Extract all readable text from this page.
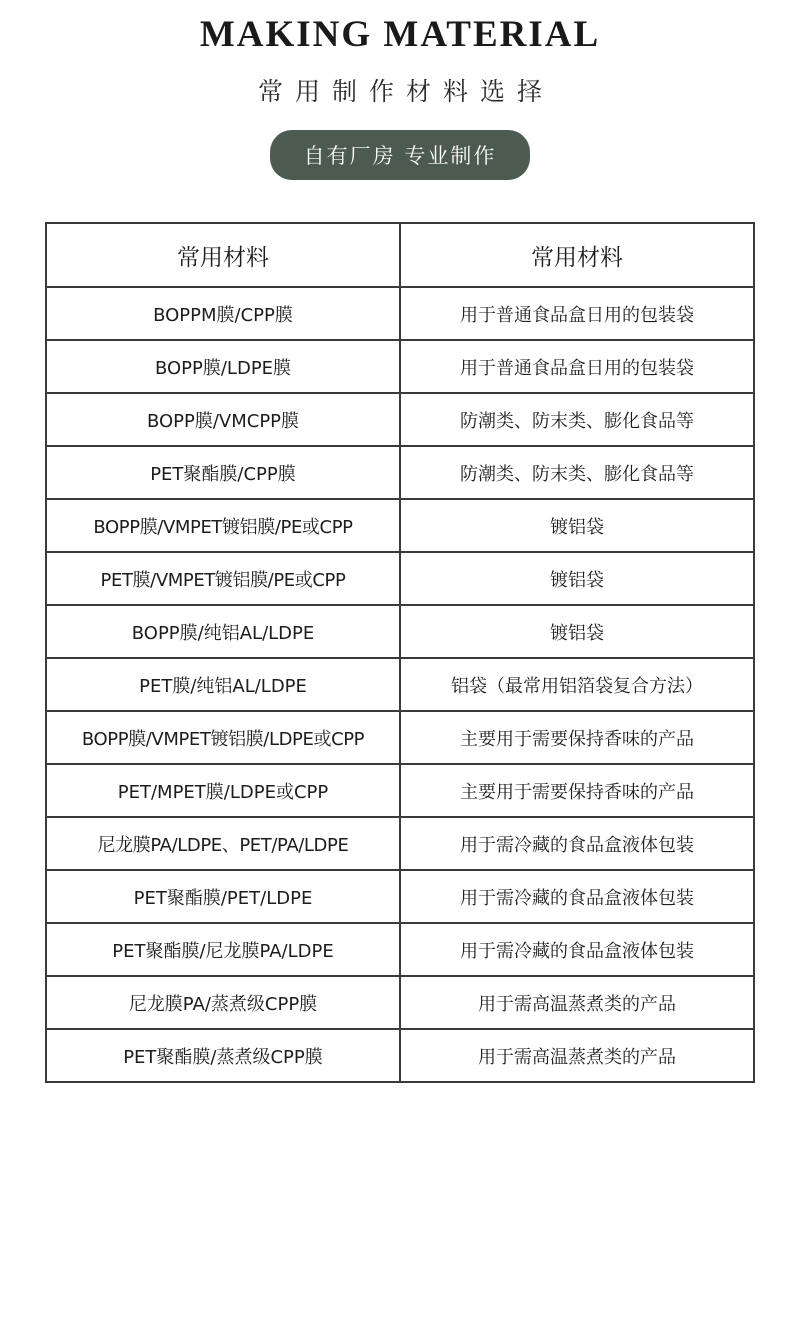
MAKING MATERIAL
常用制作材料选择
自有厂房 专业制作
常用材料	常用材料
BOPPM膜/CPP膜	用于普通食品盒日用的包装袋
BOPP膜/LDPE膜	用于普通食品盒日用的包装袋
BOPP膜/VMCPP膜	防潮类、防末类、膨化食品等
PET聚酯膜/CPP膜	防潮类、防末类、膨化食品等
BOPP膜/VMPET镀铝膜/PE或CPP	镀铝袋
PET膜/VMPET镀铝膜/PE或CPP	镀铝袋
BOPP膜/纯铝AL/LDPE	镀铝袋
PET膜/纯铝AL/LDPE	铝袋（最常用铝箔袋复合方法）
BOPP膜/VMPET镀铝膜/LDPE或CPP	主要用于需要保持香味的产品
PET/MPET膜/LDPE或CPP	主要用于需要保持香味的产品
尼龙膜PA/LDPE、PET/PA/LDPE	用于需冷藏的食品盒液体包装
PET聚酯膜/PET/LDPE	用于需冷藏的食品盒液体包装
PET聚酯膜/尼龙膜PA/LDPE	用于需冷藏的食品盒液体包装
尼龙膜PA/蒸煮级CPP膜	用于需高温蒸煮类的产品
PET聚酯膜/蒸煮级CPP膜	用于需高温蒸煮类的产品
